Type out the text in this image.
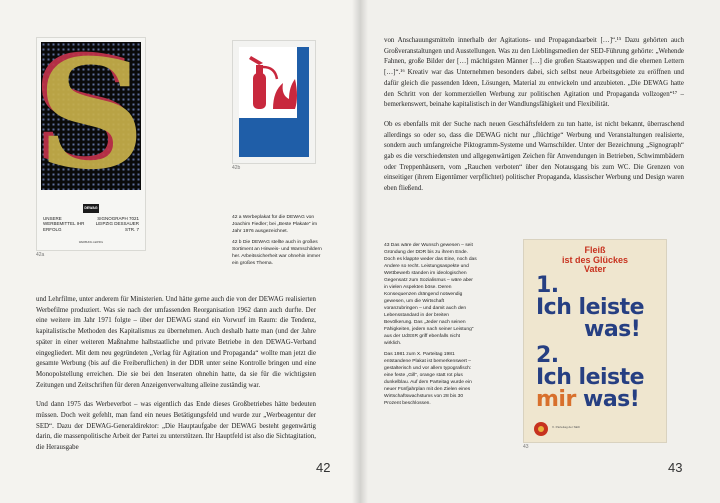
S
DEWAG
UNSERE WERBEMITTEL IHR ERFOLG
SIGNOGRAPH 7021 LEIPZIG DESSAUER STR. 7
WERBUNG LEIPZIG
42a
42b

42 a Werbeplakat für die DEWAG von Joachim Fiedler; bei „Beste Plakate“ im Jahr 1976 ausgezeichnet.

42 b Die DEWAG stellte auch in großes Sortiment an Hinweis- und Warnschildern her. Arbeitssicherheit war ohnehin immer ein großes Thema.

und Lehrfilme, unter anderem für Ministerien. Und hätte gerne auch die von der DEWAG realisierten Werbefilme produziert. Was sie nach der umfassenden Reorganisation 1962 dann auch durfte. Der eine weitere im Jahr 1971 folgte – über der DEWAG stand ein Vorwurf im Raum: die Tendenz, kapitalistische Methoden des Kapitalismus zu übernehmen. Auch deshalb hatte man (und der Jahre später in einer weiteren Maßnahme halbstaatliche und private Betriebe in den DEWAG-Verband eingegliedert. Mit dem neu gegründeten „Verlag für Agitation und Propaganda“ wollte man jetzt die gesamte Werbung (bis auf die Freiberuflichen) in der DDR unter seine Kontrolle bringen und eine Monopolstellung erreichen. Die sie bei den Inseraten ohnehin hatte, da sie für die wichtigsten Zeitungen und Zeitschriften für deren Anzeigenverwaltung alleine zuständig war.

Und dann 1975 das Werbeverbot – was eigentlich das Ende dieses Großbetriebes hätte bedeuten müssen. Doch weit gefehlt, man fand ein neues Betätigungsfeld und wurde zur „Werbeagentur der SED“. Dazu der DEWAG-Generaldirektor: „Die Hauptaufgabe der DEWAG besteht gegenwärtig darin, die massenpolitische Arbeit der Partei zu unterstützen. Ihr Hauptfeld ist also die Sichtagitation, die Herausgabe

42

von Anschauungsmitteln innerhalb der Agitations- und Propagandaarbeit […]“.¹⁵ Dazu gehörten auch Großveranstaltungen und Ausstellungen. Was zu den Lieblingsmedien der SED-Führung gehörte: „Wehende Fahnen, große Bilder der […] mächtigsten Männer […] die großen Staatswappen und die ehernen Lettern […]“.¹⁶ Kreativ war das Unternehmen besonders dabei, sich selbst neue Arbeitsgebiete zu eröffnen und dafür gleich die passenden Ideen, Lösungen, Material zu entwickeln und anzubieten. „Die DEWAG hatte den Schritt von der kommerziellen Werbung zur politischen Agitation und Propaganda vollzogen“¹⁷ – bemerkenswert, beinahe kapitalistisch in der Wandlungsfähigkeit und Flexibilität.

Ob es ebenfalls mit der Suche nach neuen Geschäftsfeldern zu tun hatte, ist nicht bekannt, überraschend allerdings so oder so, dass die DEWAG nicht nur „flüchtige“ Werbung und Veranstaltungen realisierte, sondern auch umfangreiche Piktogramm-Systeme und Warnschilder. Unter der Bezeichnung „Signograph“ gab es die verschiedensten und allgegenwärtigen Zeichen für Anwendungen in Betrieben, Schwimmbädern oder Treppenhäusern, vom „Rauchen verboten“ über den Notausgang bis zum WC. Die Grenzen von einseitiger (ihrem Eigentümer verpflichtet) politischer Propaganda, klassischer Werbung und Design waren eben fließend.

43 Das wäre der Wunsch gewesen – seit Gründung der DDR bis zu ihrem Ende. Doch es klappte weder das Eine, noch das Andere so recht. Leistungsaspekte und Wettbewerb standen im ideologischen Gegensatz zum Sozialismus – wäre aber in vielen Aspekten böse. Deren Konsequenzen drängend notwendig gewesen, um die Wirtschaft voranzubringen – und damit auch den Lebensstandard in der breiten Bevölkerung. Das „Jeder nach seinen Fähigkeiten, jedem nach seiner Leistung“ aus der UdSSR griff ebenfalls nicht wirklich.

Das 1981 zum X. Parteitag 1981 entstandene Plakat ist bemerkenswert – gestalterisch und vor allem typografisch: eine feste „Gill“, orange statt rot plus dunkelblau. Auf dem Parteitag wurde ein neuer Fünfjahrplan mit den Zielen eines Wirtschaftswachstums von 28 bis 30 Prozent beschlossen.

43
Fleiß
ist des Glückes
Vater
1.
Ich leiste
was!
2.
Ich leiste
mir was!
X. Parteitag der SED
43
